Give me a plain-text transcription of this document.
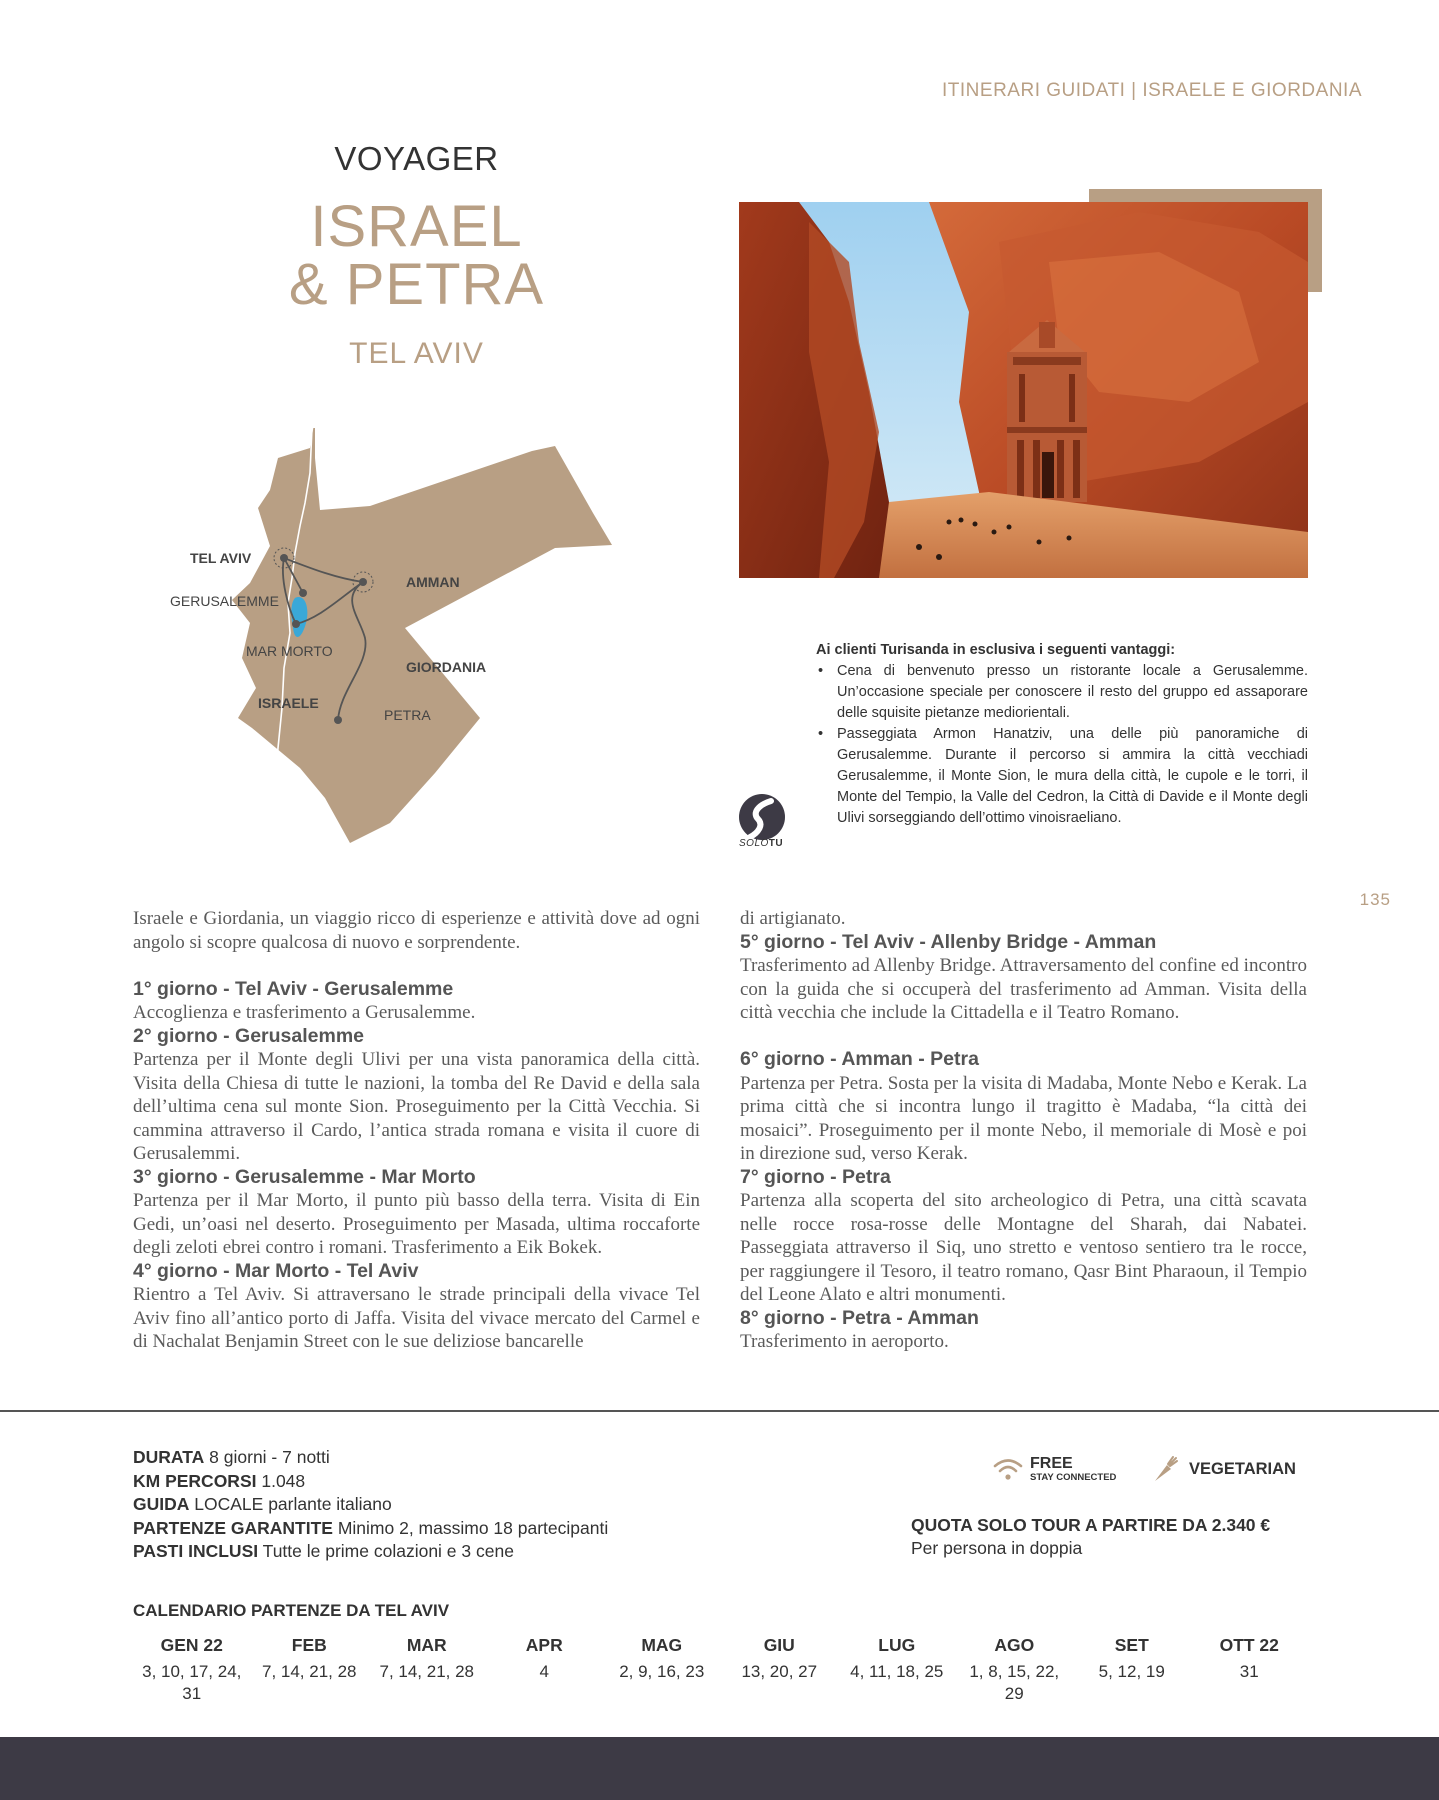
ITINERARI GUIDATI | ISRAELE E GIORDANIA
VOYAGER
ISRAEL
& PETRA
TEL AVIV
TEL AVIV
GERUSALEMME
MAR MORTO
ISRAELE
AMMAN
GIORDANIA
PETRA
SOLOTU
Ai clienti Turisanda in esclusiva i seguenti vantaggi:
• Cena di benvenuto presso un ristorante locale a Gerusalemme. Un’occasione speciale per conoscere il resto del gruppo ed assaporare delle squisite pietanze mediorientali.
• Passeggiata Armon Hanatziv, una delle più panoramiche di Gerusalemme. Durante il percorso si ammira la città vecchiadi Gerusalemme, il Monte Sion, le mura della città, le cupole e le torri, il Monte del Tempio, la Valle del Cedron, la Città di Davide e il Monte degli Ulivi sorseggiando dell’ottimo vinoisraeliano.
135

Israele e Giordania, un viaggio ricco di esperienze e attività dove ad ogni angolo si scopre qualcosa di nuovo e sorprendente.

1° giorno - Tel Aviv - Gerusalemme

Accoglienza e trasferimento a Gerusalemme.

2° giorno - Gerusalemme

Partenza per il Monte degli Ulivi per una vista panoramica della città. Visita della Chiesa di tutte le nazioni, la tomba del Re David e della sala dell’ultima cena sul monte Sion. Proseguimento per la Città Vecchia. Si cammina attraverso il Cardo, l’antica strada romana e visita il cuore di Gerusalemmi.

3° giorno - Gerusalemme - Mar Morto

Partenza per il Mar Morto, il punto più basso della terra. Visita di Ein Gedi, un’oasi nel deserto. Proseguimento per Masada, ultima roccaforte degli zeloti ebrei contro i romani. Trasferimento a Eik Bokek.

4° giorno - Mar Morto - Tel Aviv

Rientro a Tel Aviv. Si attraversano le strade principali della vivace Tel Aviv fino all’antico porto di Jaffa. Visita del vivace mercato del Carmel e di Nachalat Benjamin Street con le sue deliziose bancarelle

di artigianato.

5° giorno - Tel Aviv - Allenby Bridge - Amman

Trasferimento ad Allenby Bridge. Attraversamento del confine ed incontro con la guida che si occuperà del trasferimento ad Amman. Visita della città vecchia che include la Cittadella e il Teatro Romano.

6° giorno - Amman - Petra

Partenza per Petra. Sosta per la visita di Madaba, Monte Nebo e Kerak. La prima città che si incontra lungo il tragitto è Madaba, “la città dei mosaici”. Proseguimento per il monte Nebo, il memoriale di Mosè e poi in direzione sud, verso Kerak.

7° giorno - Petra

Partenza alla scoperta del sito archeologico di Petra, una città scavata nelle rocce rosa-rosse delle Montagne del Sharah, dai Nabatei. Passeggiata attraverso il Siq, uno stretto e ventoso sentiero tra le rocce, per raggiungere il Tesoro, il teatro romano, Qasr Bint Pharaoun, il Tempio del Leone Alato e altri monumenti.

8° giorno - Petra - Amman

Trasferimento in aeroporto.

DURATA 8 giorni - 7 notti
KM PERCORSI 1.048
GUIDA LOCALE parlante italiano
PARTENZE GARANTITE Minimo 2, massimo 18 partecipanti
PASTI INCLUSI Tutte le prime colazioni e 3 cene
FREE
STAY CONNECTED	VEGETARIAN
QUOTA SOLO TOUR A PARTIRE DA 2.340 €
Per persona in doppia
CALENDARIO PARTENZE DA TEL AVIV
GEN 22
3, 10, 17, 24, 31
FEB
7, 14, 21, 28
MAR
7, 14, 21, 28
APR
4
MAG
2, 9, 16, 23
GIU
13, 20, 27
LUG
4, 11, 18, 25
AGO
1, 8, 15, 22, 29
SET
5, 12, 19
OTT 22
31
